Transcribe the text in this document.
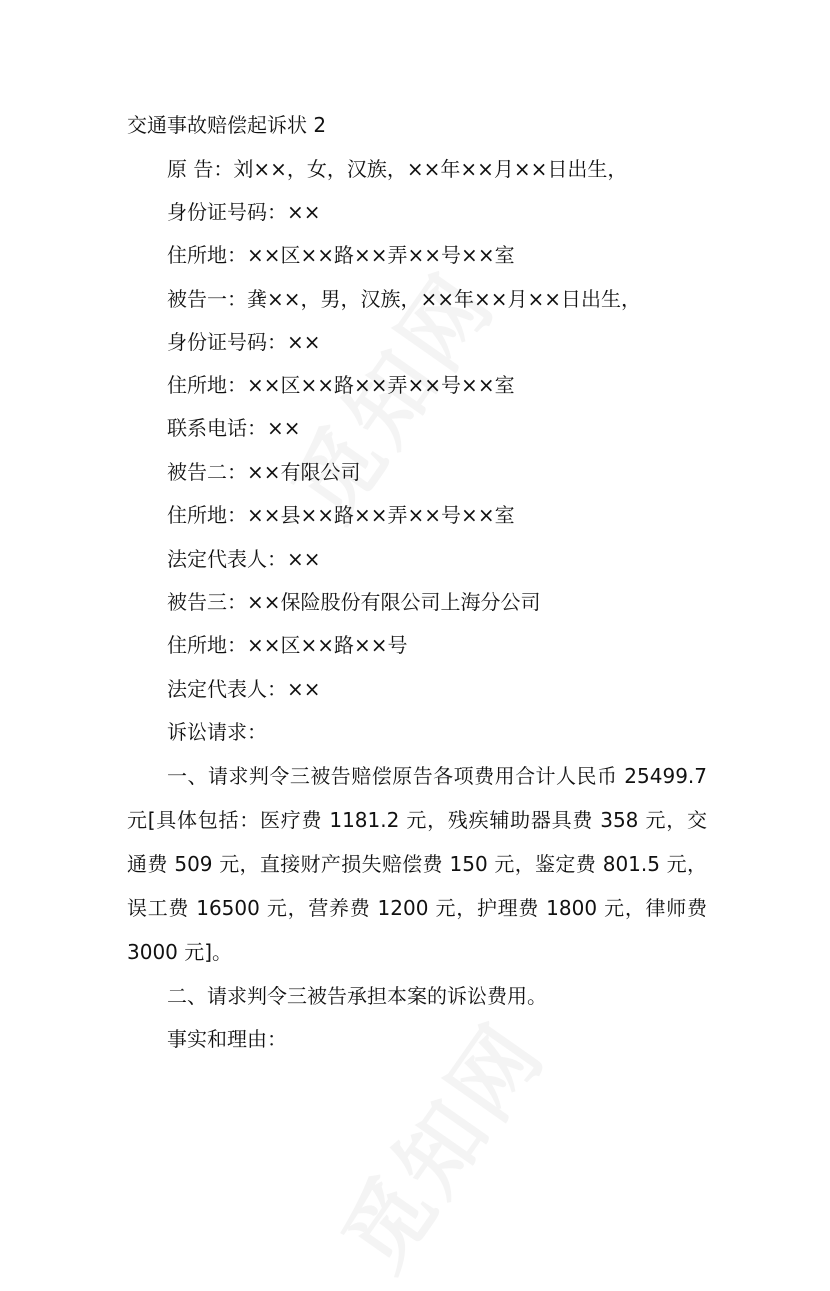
交通事故赔偿起诉状 2
原 告：刘××，女，汉族，××年××月××日出生，
身份证号码：××
住所地：××区××路××弄××号××室
被告一：龚××，男，汉族，××年××月××日出生，
身份证号码：××
住所地：××区××路××弄××号××室
联系电话：××
被告二：××有限公司
住所地：××县××路××弄××号××室
法定代表人：××
被告三：××保险股份有限公司上海分公司
住所地：××区××路××号
法定代表人：××
诉讼请求：
一、请求判令三被告赔偿原告各项费用合计人民币 25499.7
元[具体包括：医疗费 1181.2 元，残疾辅助器具费 358 元，交
通费 509 元，直接财产损失赔偿费 150 元，鉴定费 801.5 元，
误工费 16500 元，营养费 1200 元，护理费 1800 元，律师费
3000 元]。
二、请求判令三被告承担本案的诉讼费用。
事实和理由：
